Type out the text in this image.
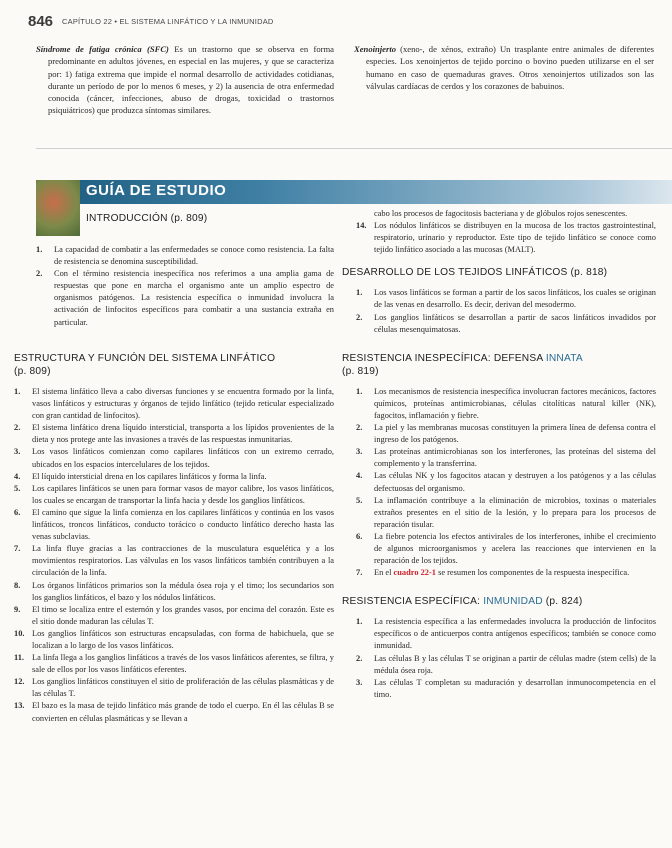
846 CAPÍTULO 22 • EL SISTEMA LINFÁTICO Y LA INMUNIDAD
Síndrome de fatiga crónica (SFC) Es un trastorno que se observa en forma predominante en adultos jóvenes, en especial en las mujeres, y que se caracteriza por: 1) fatiga extrema que impide el normal desarrollo de actividades cotidianas, durante un período de por lo menos 6 meses, y 2) la ausencia de otra enfermedad conocida (cáncer, infecciones, abuso de drogas, toxicidad o trastornos psiquiátricos) que produzca síntomas similares.
Xenoinjerto (xeno-, de xénos, extraño) Un trasplante entre animales de diferentes especies. Los xenoinjertos de tejido porcino o bovino pueden utilizarse en el ser humano en caso de quemaduras graves. Otros xenoinjertos utilizados son las válvulas cardíacas de cerdos y los corazones de babuinos.
GUÍA DE ESTUDIO
INTRODUCCIÓN (p. 809)
1.	La capacidad de combatir a las enfermedades se conoce como resistencia. La falta de resistencia se denomina susceptibilidad.
2.	Con el término resistencia inespecífica nos referimos a una amplia gama de respuestas que pone en marcha el organismo ante un amplio espectro de organismos patógenos. La resistencia específica o inmunidad involucra la activación de linfocitos específicos para combatir a una sustancia extraña en particular.
ESTRUCTURA Y FUNCIÓN DEL SISTEMA LINFÁTICO
(p. 809)
1.	El sistema linfático lleva a cabo diversas funciones y se encuentra formado por la linfa, vasos linfáticos y estructuras y órganos de tejido linfático (tejido reticular especializado con gran cantidad de linfocitos).
2.	El sistema linfático drena líquido intersticial, transporta a los lípidos provenientes de la dieta y nos protege ante las invasiones a través de las respuestas inmunitarias.
3.	Los vasos linfáticos comienzan como capilares linfáticos con un extremo cerrado, ubicados en los espacios intercelulares de los tejidos.
4.	El líquido intersticial drena en los capilares linfáticos y forma la linfa.
5.	Los capilares linfáticos se unen para formar vasos de mayor calibre, los vasos linfáticos, los cuales se encargan de transportar la linfa hacia y desde los ganglios linfáticos.
6.	El camino que sigue la linfa comienza en los capilares linfáticos y continúa en los vasos linfáticos, troncos linfáticos, conducto torácico o conducto linfático derecho hasta las venas subclavias.
7.	La linfa fluye gracias a las contracciones de la musculatura esquelética y a los movimientos respiratorios. Las válvulas en los vasos linfáticos también contribuyen a la circulación de la linfa.
8.	Los órganos linfáticos primarios son la médula ósea roja y el timo; los secundarios son los ganglios linfáticos, el bazo y los nódulos linfáticos.
9.	El timo se localiza entre el esternón y los grandes vasos, por encima del corazón. Este es el sitio donde maduran las células T.
10. Los ganglios linfáticos son estructuras encapsuladas, con forma de habichuela, que se localizan a lo largo de los vasos linfáticos.
11. La linfa llega a los ganglios linfáticos a través de los vasos linfáticos aferentes, se filtra, y sale de ellos por los vasos linfáticos eferentes.
12. Los ganglios linfáticos constituyen el sitio de proliferación de las células plasmáticas y de las células T.
13. El bazo es la masa de tejido linfático más grande de todo el cuerpo. En él las células B se convierten en células plasmáticas y se llevan a
cabo los procesos de fagocitosis bacteriana y de glóbulos rojos senescentes.
14. Los nódulos linfáticos se distribuyen en la mucosa de los tractos gastrointestinal, respiratorio, urinario y reproductor. Este tipo de tejido linfático se conoce como tejido linfático asociado a las mucosas (MALT).
DESARROLLO DE LOS TEJIDOS LINFÁTICOS (p. 818)
1.	Los vasos linfáticos se forman a partir de los sacos linfáticos, los cuales se originan de las venas en desarrollo. Es decir, derivan del mesodermo.
2.	Los ganglios linfáticos se desarrollan a partir de sacos linfáticos invadidos por células mesenquimatosas.
RESISTENCIA INESPECÍFICA: DEFENSA INNATA
(p. 819)
1.	Los mecanismos de resistencia inespecífica involucran factores mecánicos, factores químicos, proteínas antimicrobianas, células citolíticas natural killer (NK), fagocitos, inflamación y fiebre.
2.	La piel y las membranas mucosas constituyen la primera línea de defensa contra el ingreso de los patógenos.
3.	Las proteínas antimicrobianas son los interferones, las proteínas del sistema del complemento y la transferrina.
4.	Las células NK y los fagocitos atacan y destruyen a los patógenos y a las células defectuosas del organismo.
5.	La inflamación contribuye a la eliminación de microbios, toxinas o materiales extraños presentes en el sitio de la lesión, y lo prepara para los procesos de reparación tisular.
6.	La fiebre potencia los efectos antivirales de los interferones, inhibe el crecimiento de algunos microorganismos y acelera las reacciones que intervienen en la reparación de los tejidos.
7.	En el cuadro 22-1 se resumen los componentes de la respuesta inespecífica.
RESISTENCIA ESPECÍFICA: INMUNIDAD (p. 824)
1.	La resistencia específica a las enfermedades involucra la producción de linfocitos específicos o de anticuerpos contra antígenos específicos; también se conoce como inmunidad.
2.	Las células B y las células T se originan a partir de células madre (stem cells) de la médula ósea roja.
3.	Las células T completan su maduración y desarrollan inmunocompetencia en el timo.
